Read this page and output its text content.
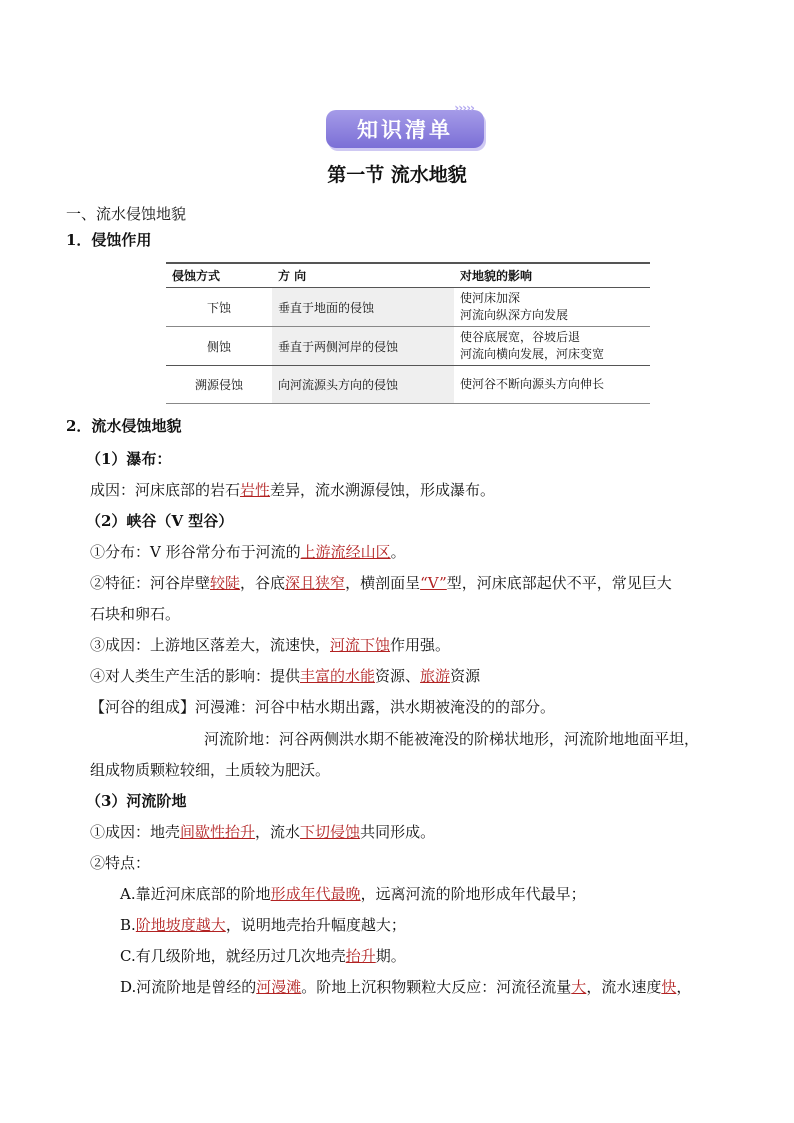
知识清单
›››››
第一节 流水地貌
一、流水侵蚀地貌
1．侵蚀作用
侵蚀方式	方 向	对地貌的影响
下蚀	垂直于地面的侵蚀	使河床加深
河流向纵深方向发展

侧蚀	垂直于两侧河岸的侵蚀	使谷底展宽，谷坡后退
河流向横向发展，河床变宽

溯源侵蚀	向河流源头方向的侵蚀	使河谷不断向源头方向伸长
2．流水侵蚀地貌
（1）瀑布：
成因：河床底部的岩石岩性差异，流水溯源侵蚀，形成瀑布。
（2）峡谷（V 型谷）
①分布：V 形谷常分布于河流的上游流经山区。
②特征：河谷岸壁较陡，谷底深且狭窄，横剖面呈“V”型，河床底部起伏不平，常见巨大
石块和卵石。
③成因：上游地区落差大，流速快，河流下蚀作用强。
④对人类生产生活的影响：提供丰富的水能资源、旅游资源
【河谷的组成】河漫滩：河谷中枯水期出露，洪水期被淹没的的部分。
河流阶地：河谷两侧洪水期不能被淹没的阶梯状地形，河流阶地地面平坦，
组成物质颗粒较细，土质较为肥沃。
（3）河流阶地
①成因：地壳间歇性抬升，流水下切侵蚀共同形成。
②特点：
A.靠近河床底部的阶地形成年代最晚，远离河流的阶地形成年代最早；
B.阶地坡度越大，说明地壳抬升幅度越大；
C.有几级阶地，就经历过几次地壳抬升期。
D.河流阶地是曾经的河漫滩。阶地上沉积物颗粒大反应：河流径流量大，流水速度快，
